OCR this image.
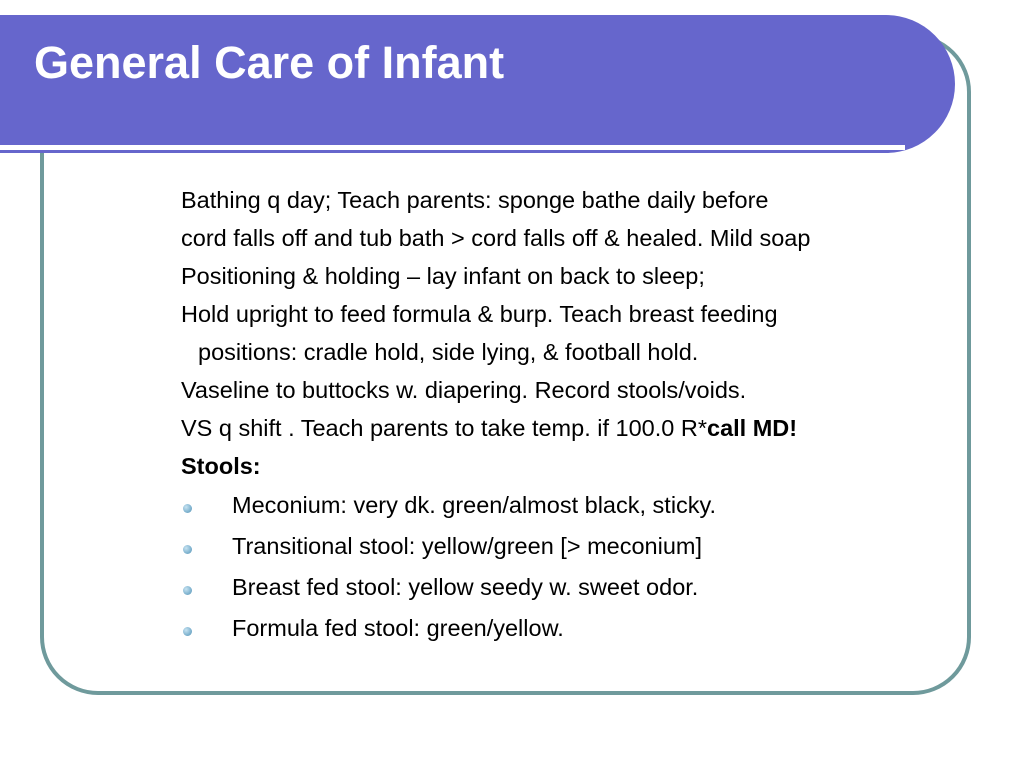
General Care of Infant

Bathing q day; Teach parents: sponge bathe daily before

cord falls off and tub bath > cord falls off & healed. Mild soap

Positioning & holding – lay infant on back to sleep;

Hold upright to feed formula & burp. Teach breast feeding

positions: cradle hold, side lying, & football hold.

Vaseline to buttocks w. diapering. Record stools/voids.

VS q shift . Teach parents to take temp. if 100.0 R*call MD!

Stools:

Meconium: very dk. green/almost black, sticky.
Transitional stool: yellow/green [> meconium]
Breast fed stool: yellow seedy w. sweet odor.
Formula fed stool: green/yellow.
